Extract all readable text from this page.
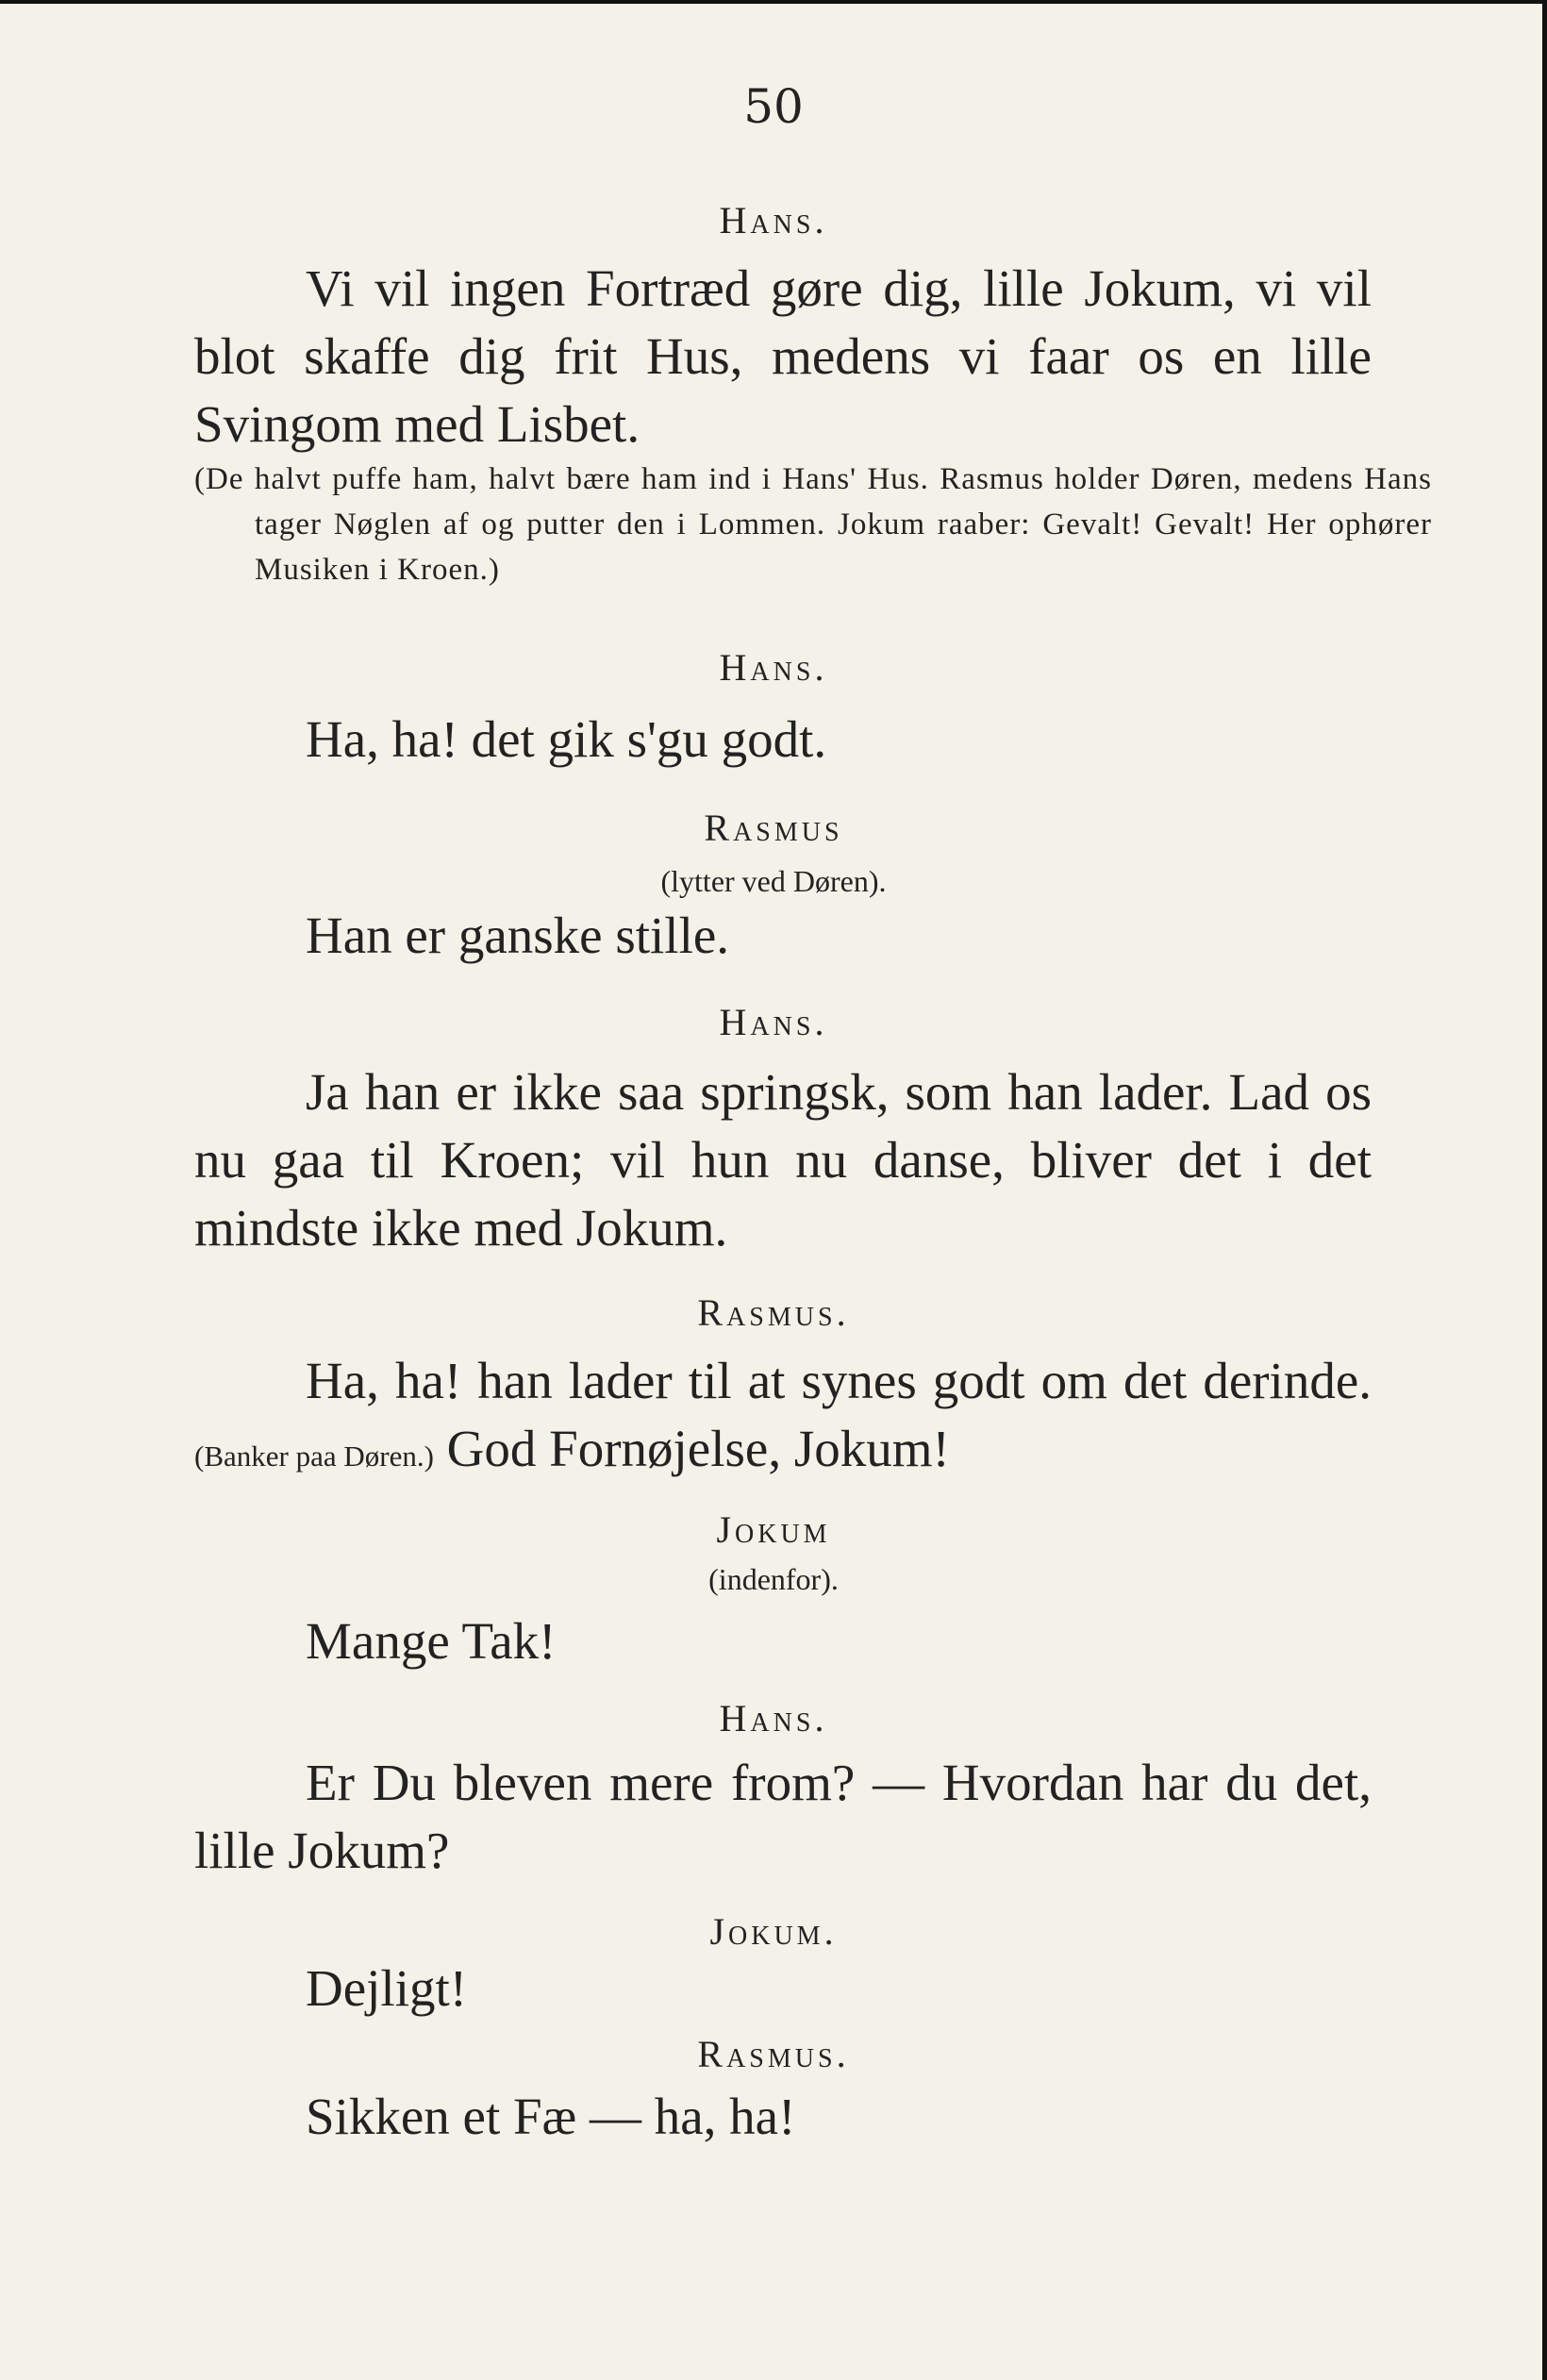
50
Hans.

Vi vil ingen Fortræd gøre dig, lille Jokum, vi vil blot skaffe dig frit Hus, medens vi faar os en lille Svingom med Lisbet.

(De halvt puffe ham, halvt bære ham ind i Hans' Hus. Rasmus holder Døren, medens Hans tager Nøglen af og putter den i Lommen. Jokum raaber: Gevalt! Gevalt! Her ophører Musiken i Kroen.)

Hans.

Ha, ha! det gik s'gu godt.

Rasmus
(lytter ved Døren).

Han er ganske stille.

Hans.

Ja han er ikke saa springsk, som han lader. Lad os nu gaa til Kroen; vil hun nu danse, bliver det i det mindste ikke med Jokum.

Rasmus.

Ha, ha! han lader til at synes godt om det derinde. (Banker paa Døren.) God Fornøjelse, Jokum!

Jokum
(indenfor).

Mange Tak!

Hans.

Er Du bleven mere from? — Hvordan har du det, lille Jokum?

Jokum.

Dejligt!

Rasmus.

Sikken et Fæ — ha, ha!
